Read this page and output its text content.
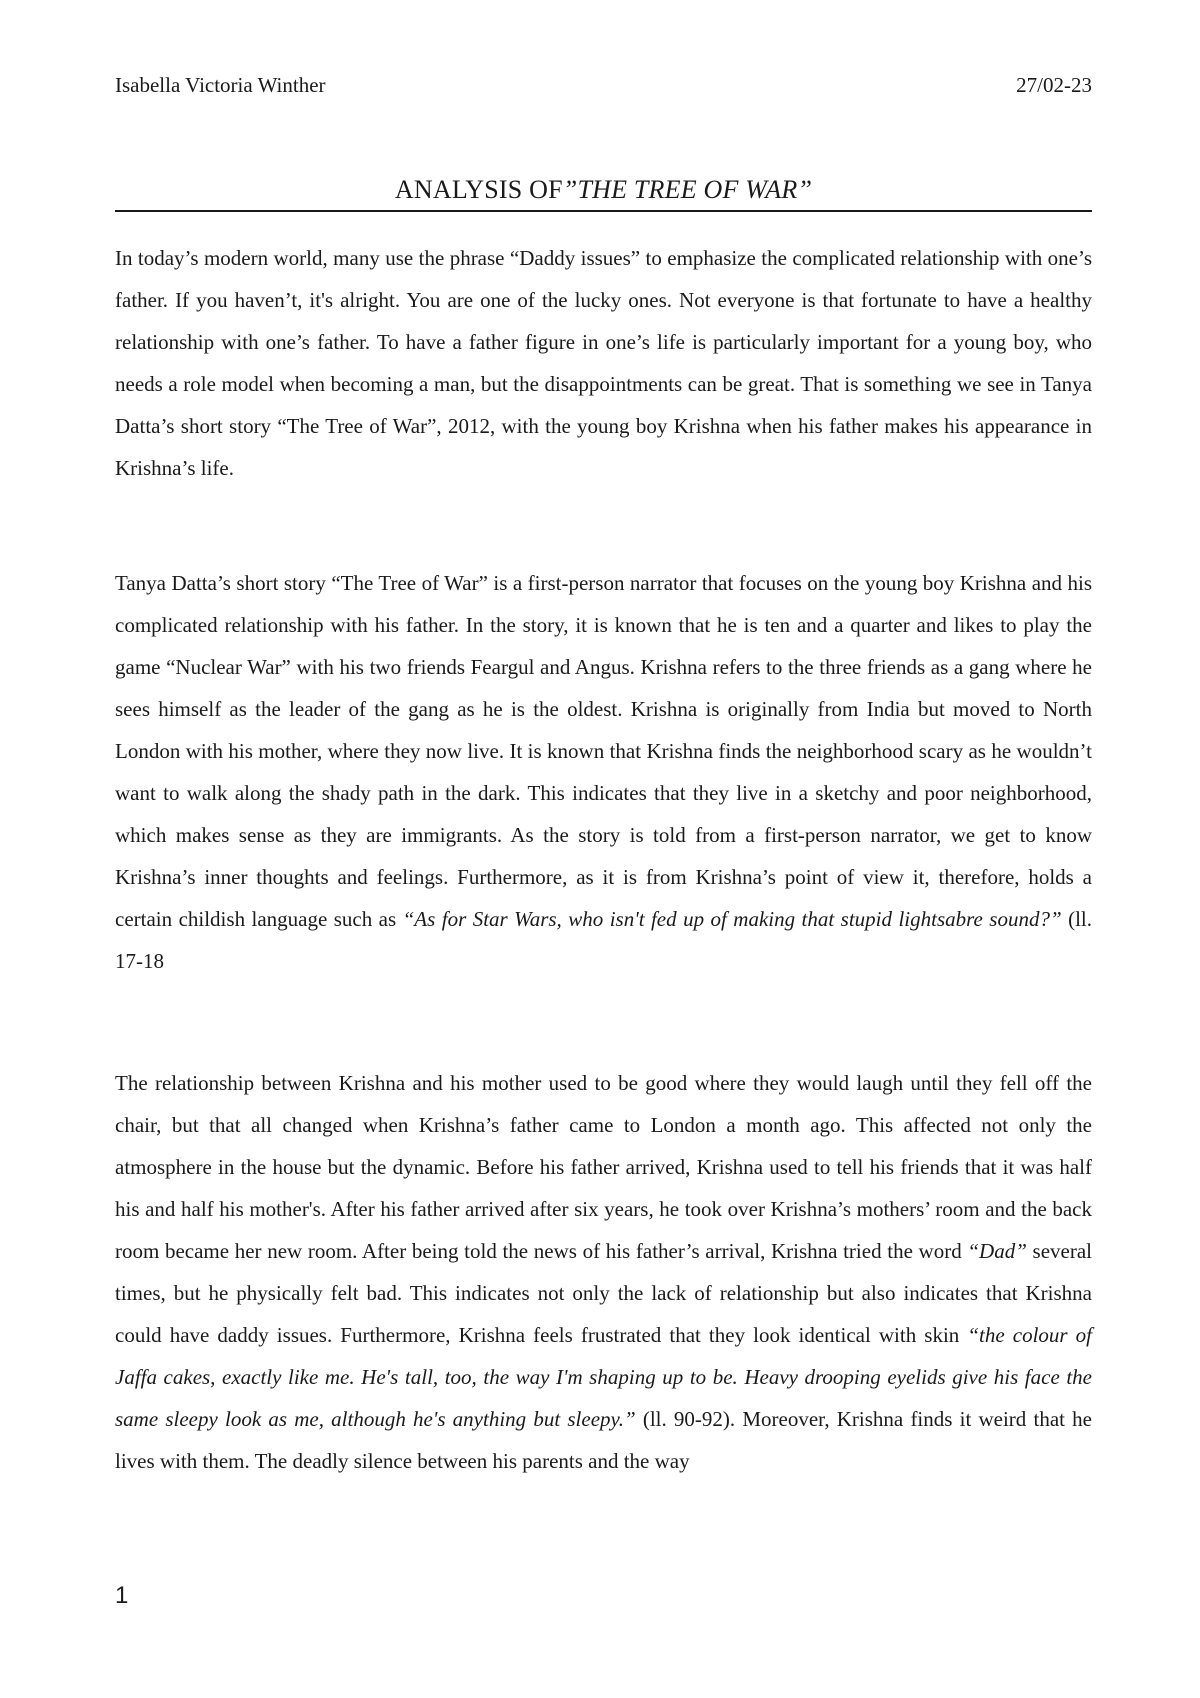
Isabella Victoria Winther	27/02-23
ANALYSIS OF”THE TREE OF WAR”

In today’s modern world, many use the phrase “Daddy issues” to emphasize the complicated relationship with one’s father. If you haven’t, it's alright. You are one of the lucky ones. Not everyone is that fortunate to have a healthy relationship with one’s father. To have a father figure in one’s life is particularly important for a young boy, who needs a role model when becoming a man, but the disappointments can be great. That is something we see in Tanya Datta’s short story “The Tree of War”, 2012, with the young boy Krishna when his father makes his appearance in Krishna’s life.

Tanya Datta’s short story “The Tree of War” is a first-person narrator that focuses on the young boy Krishna and his complicated relationship with his father. In the story, it is known that he is ten and a quarter and likes to play the game “Nuclear War” with his two friends Feargul and Angus. Krishna refers to the three friends as a gang where he sees himself as the leader of the gang as he is the oldest. Krishna is originally from India but moved to North London with his mother, where they now live. It is known that Krishna finds the neighborhood scary as he wouldn’t want to walk along the shady path in the dark. This indicates that they live in a sketchy and poor neighborhood, which makes sense as they are immigrants. As the story is told from a first-person narrator, we get to know Krishna’s inner thoughts and feelings. Furthermore, as it is from Krishna’s point of view it, therefore, holds a certain childish language such as “As for Star Wars, who isn't fed up of making that stupid lightsabre sound?” (ll. 17-18

The relationship between Krishna and his mother used to be good where they would laugh until they fell off the chair, but that all changed when Krishna’s father came to London a month ago. This affected not only the atmosphere in the house but the dynamic. Before his father arrived, Krishna used to tell his friends that it was half his and half his mother's. After his father arrived after six years, he took over Krishna’s mothers’ room and the back room became her new room. After being told the news of his father’s arrival, Krishna tried the word “Dad” several times, but he physically felt bad. This indicates not only the lack of relationship but also indicates that Krishna could have daddy issues. Furthermore, Krishna feels frustrated that they look identical with skin “the colour of Jaffa cakes, exactly like me. He's tall, too, the way I'm shaping up to be. Heavy drooping eyelids give his face the same sleepy look as me, although he's anything but sleepy.” (ll. 90-92). Moreover, Krishna finds it weird that he lives with them. The deadly silence between his parents and the way

1
